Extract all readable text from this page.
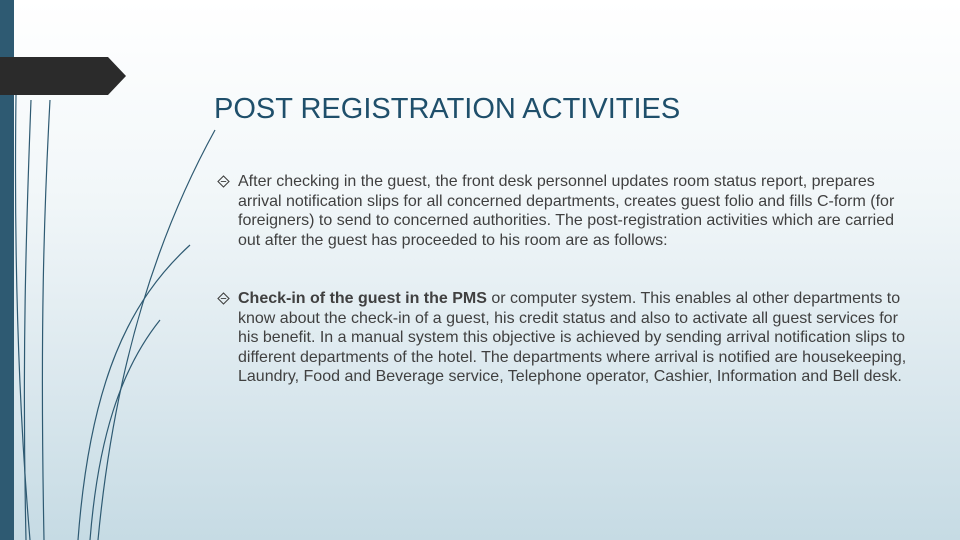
POST REGISTRATION ACTIVITIES
After checking in the guest, the front desk personnel updates room status report, prepares arrival notification slips for all concerned departments, creates guest folio and fills C-form (for foreigners) to send to concerned authorities. The post-registration activities which are carried out after the guest has proceeded to his room are as follows:
Check-in of the guest in the PMS or computer system. This enables al other departments to know about the check-in of a guest, his credit status and also to activate all guest services for his benefit. In a manual system this objective is achieved by sending arrival notification slips to different departments of the hotel. The departments where arrival is notified are housekeeping, Laundry, Food and Beverage service, Telephone operator, Cashier, Information and Bell desk.
